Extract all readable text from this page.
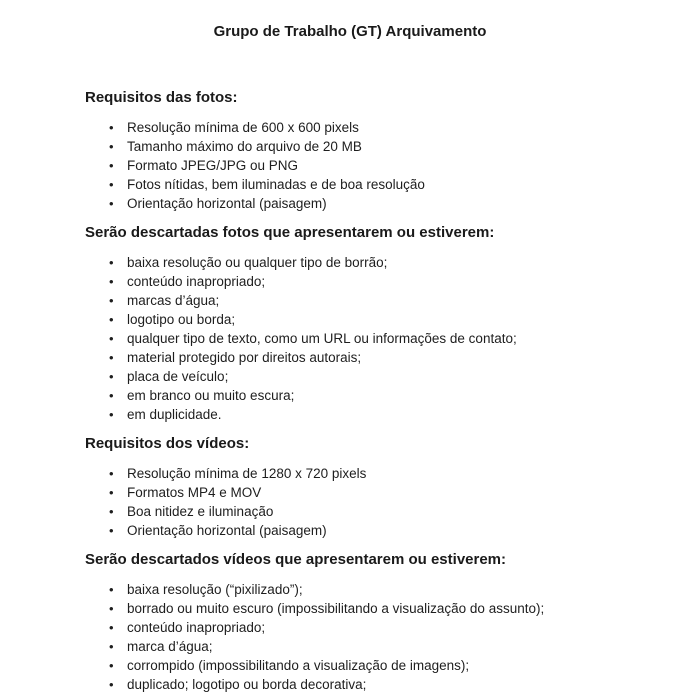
Grupo de Trabalho (GT) Arquivamento
Requisitos das fotos:
• Resolução mínima de 600 x 600 pixels
• Tamanho máximo do arquivo de 20 MB
• Formato JPEG/JPG ou PNG
• Fotos nítidas, bem iluminadas e de boa resolução
• Orientação horizontal (paisagem)
Serão descartadas fotos que apresentarem ou estiverem:
• baixa resolução ou qualquer tipo de borrão;
• conteúdo inapropriado;
• marcas d’água;
• logotipo ou borda;
• qualquer tipo de texto, como um URL ou informações de contato;
• material protegido por direitos autorais;
• placa de veículo;
• em branco ou muito escura;
• em duplicidade.
Requisitos dos vídeos:
• Resolução mínima de 1280 x 720 pixels
• Formatos MP4 e MOV
• Boa nitidez e iluminação
• Orientação horizontal (paisagem)
Serão descartados vídeos que apresentarem ou estiverem:
• baixa resolução (“pixilizado”);
• borrado ou muito escuro (impossibilitando a visualização do assunto);
• conteúdo inapropriado;
• marca d’água;
• corrompido (impossibilitando a visualização de imagens);
• duplicado; logotipo ou borda decorativa;
